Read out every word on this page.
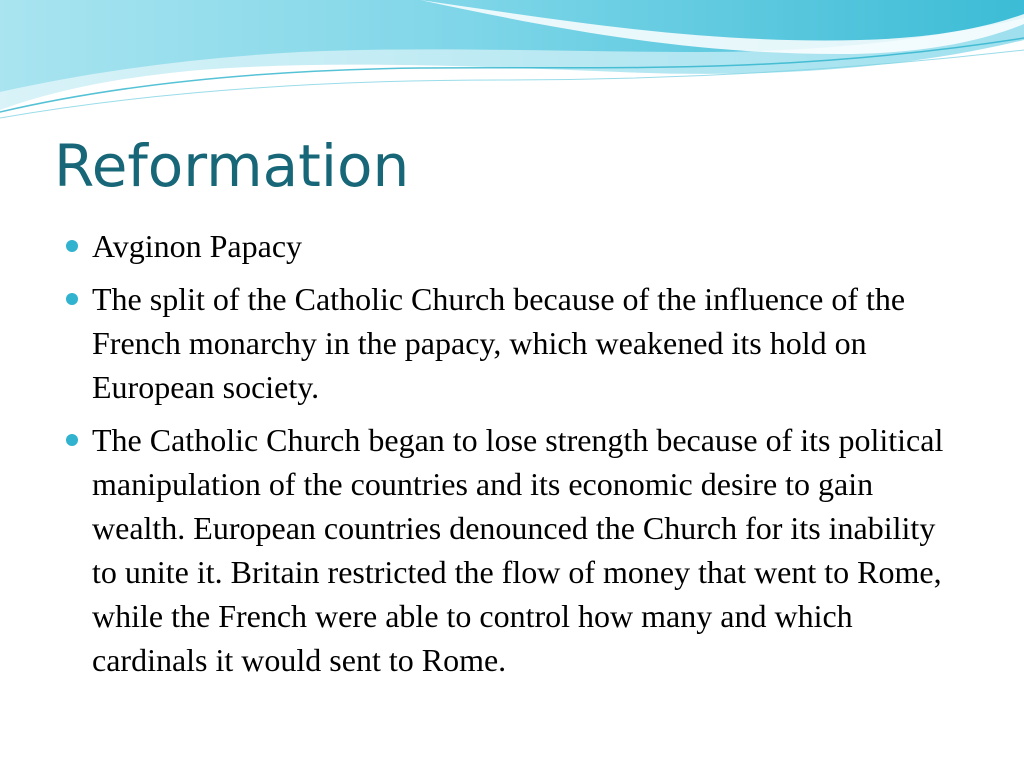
Reformation
Avginon Papacy
The split of the Catholic Church because of the influence of the French monarchy in the papacy, which weakened its hold on European society.
The Catholic Church began to lose strength because of its political manipulation of the countries and its economic desire to gain wealth. European countries denounced the Church for its inability to unite it. Britain restricted the flow of money that went to Rome, while the French were able to control how many and which cardinals it would sent to Rome.
